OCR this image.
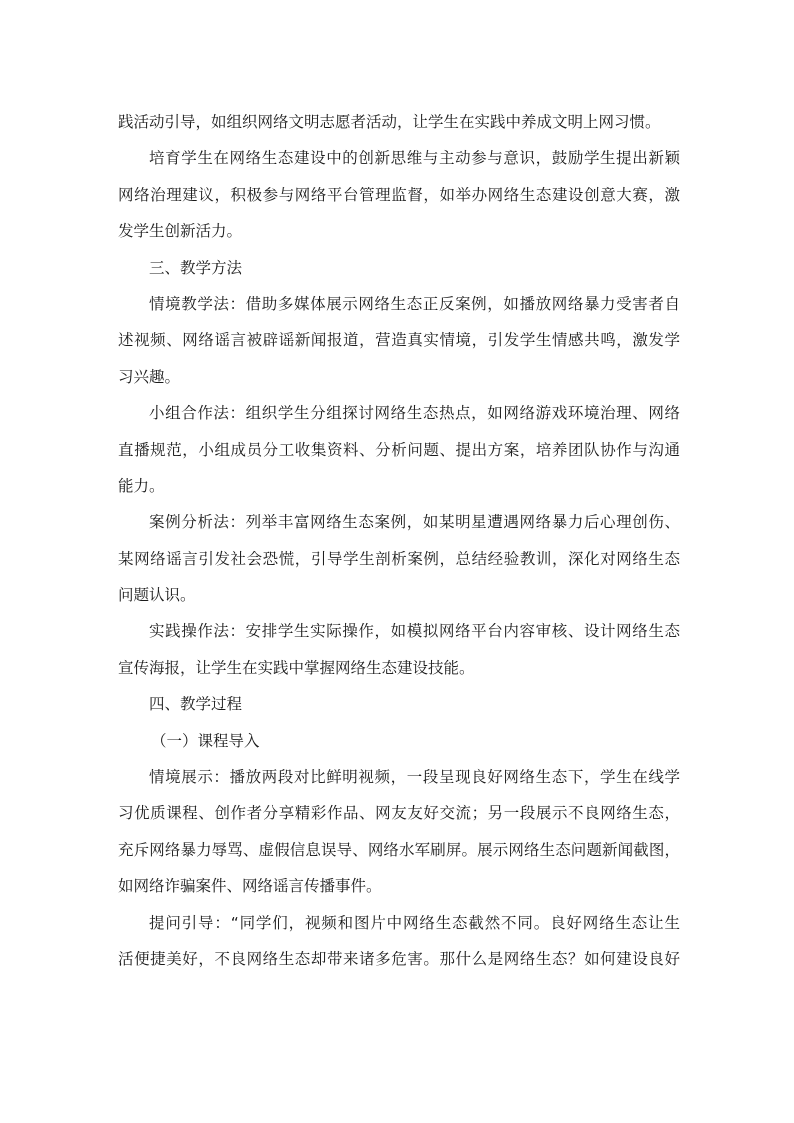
践活动引导，如组织网络文明志愿者活动，让学生在实践中养成文明上网习惯。
培育学生在网络生态建设中的创新思维与主动参与意识，鼓励学生提出新颖
网络治理建议，积极参与网络平台管理监督，如举办网络生态建设创意大赛，激
发学生创新活力。
三、教学方法
情境教学法：借助多媒体展示网络生态正反案例，如播放网络暴力受害者自
述视频、网络谣言被辟谣新闻报道，营造真实情境，引发学生情感共鸣，激发学
习兴趣。
小组合作法：组织学生分组探讨网络生态热点，如网络游戏环境治理、网络
直播规范，小组成员分工收集资料、分析问题、提出方案，培养团队协作与沟通
能力。
案例分析法：列举丰富网络生态案例，如某明星遭遇网络暴力后心理创伤、
某网络谣言引发社会恐慌，引导学生剖析案例，总结经验教训，深化对网络生态
问题认识。
实践操作法：安排学生实际操作，如模拟网络平台内容审核、设计网络生态
宣传海报，让学生在实践中掌握网络生态建设技能。
四、教学过程
（一）课程导入
情境展示：播放两段对比鲜明视频，一段呈现良好网络生态下，学生在线学
习优质课程、创作者分享精彩作品、网友友好交流；另一段展示不良网络生态，
充斥网络暴力辱骂、虚假信息误导、网络水军刷屏。展示网络生态问题新闻截图，
如网络诈骗案件、网络谣言传播事件。
提问引导：“同学们，视频和图片中网络生态截然不同。良好网络生态让生
活便捷美好，不良网络生态却带来诸多危害。那什么是网络生态？如何建设良好
